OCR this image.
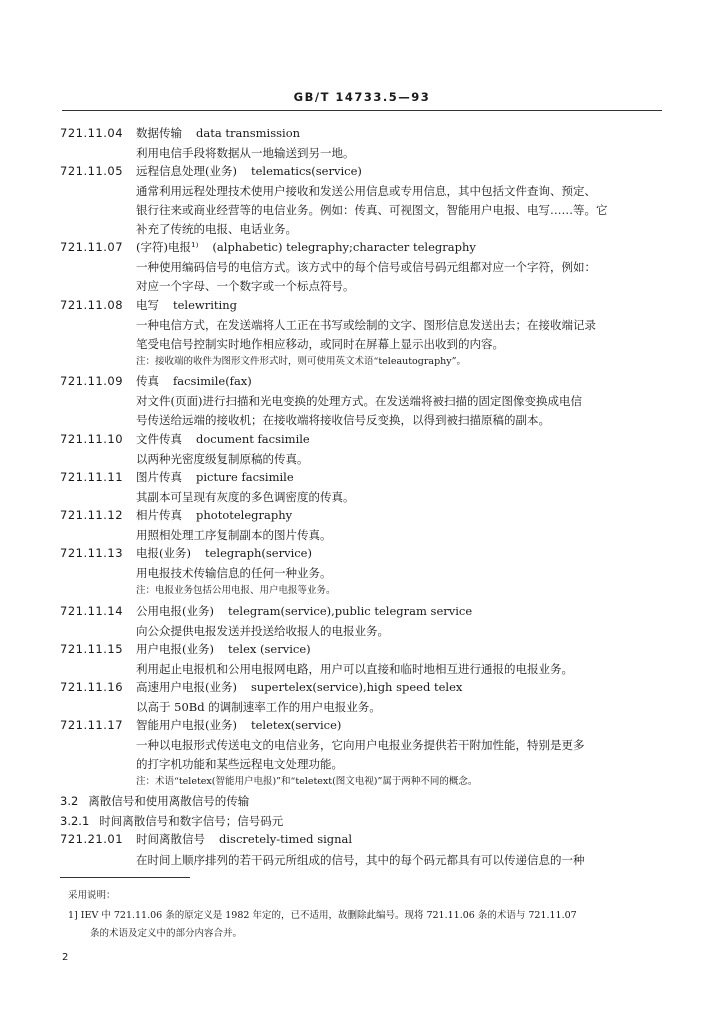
GB/T 14733.5—93
721.11.04 数据传输 data transmission
利用电信手段将数据从一地输送到另一地。
721.11.05 远程信息处理(业务) telematics(service)
通常利用远程处理技术使用户接收和发送公用信息或专用信息，其中包括文件查询、预定、
银行往来或商业经营等的电信业务。例如：传真、可视图文，智能用户电报、电写……等。它
补充了传统的电报、电话业务。
721.11.07 (字符)电报¹⁾ (alphabetic) telegraphy;character telegraphy
一种使用编码信号的电信方式。该方式中的每个信号或信号码元组都对应一个字符，例如：
对应一个字母、一个数字或一个标点符号。
721.11.08 电写 telewriting
一种电信方式，在发送端将人工正在书写或绘制的文字、图形信息发送出去；在接收端记录
笔受电信号控制实时地作相应移动，或同时在屏幕上显示出收到的内容。
注：接收端的收件为图形文件形式时，则可使用英文术语“teleautography”。
721.11.09 传真 facsimile(fax)
对文件(页面)进行扫描和光电变换的处理方式。在发送端将被扫描的固定图像变换成电信
号传送给远端的接收机；在接收端将接收信号反变换，以得到被扫描原稿的副本。
721.11.10 文件传真 document facsimile
以两种光密度级复制原稿的传真。
721.11.11 图片传真 picture facsimile
其副本可呈现有灰度的多色调密度的传真。
721.11.12 相片传真 phototelegraphy
用照相处理工序复制副本的图片传真。
721.11.13 电报(业务) telegraph(service)
用电报技术传输信息的任何一种业务。
注：电报业务包括公用电报、用户电报等业务。
721.11.14 公用电报(业务) telegram(service),public telegram service
向公众提供电报发送并投送给收报人的电报业务。
721.11.15 用户电报(业务) telex (service)
利用起止电报机和公用电报网电路，用户可以直接和临时地相互进行通报的电报业务。
721.11.16 高速用户电报(业务) supertelex(service),high speed telex
以高于 50Bd 的调制速率工作的用户电报业务。
721.11.17 智能用户电报(业务) teletex(service)
一种以电报形式传送电文的电信业务，它向用户电报业务提供若干附加性能，特别是更多
的打字机功能和某些远程电文处理功能。
注：术语“teletex(智能用户电报)”和“teletext(图文电视)”属于两种不同的概念。
3.2 离散信号和使用离散信号的传输
3.2.1 时间离散信号和数字信号；信号码元
721.21.01 时间离散信号 discretely-timed signal
在时间上顺序排列的若干码元所组成的信号，其中的每个码元都具有可以传递信息的一种
采用说明：
1] IEV 中 721.11.06 条的原定义是 1982 年定的，已不适用，故删除此编号。现将 721.11.06 条的术语与 721.11.07
条的术语及定义中的部分内容合并。
2
